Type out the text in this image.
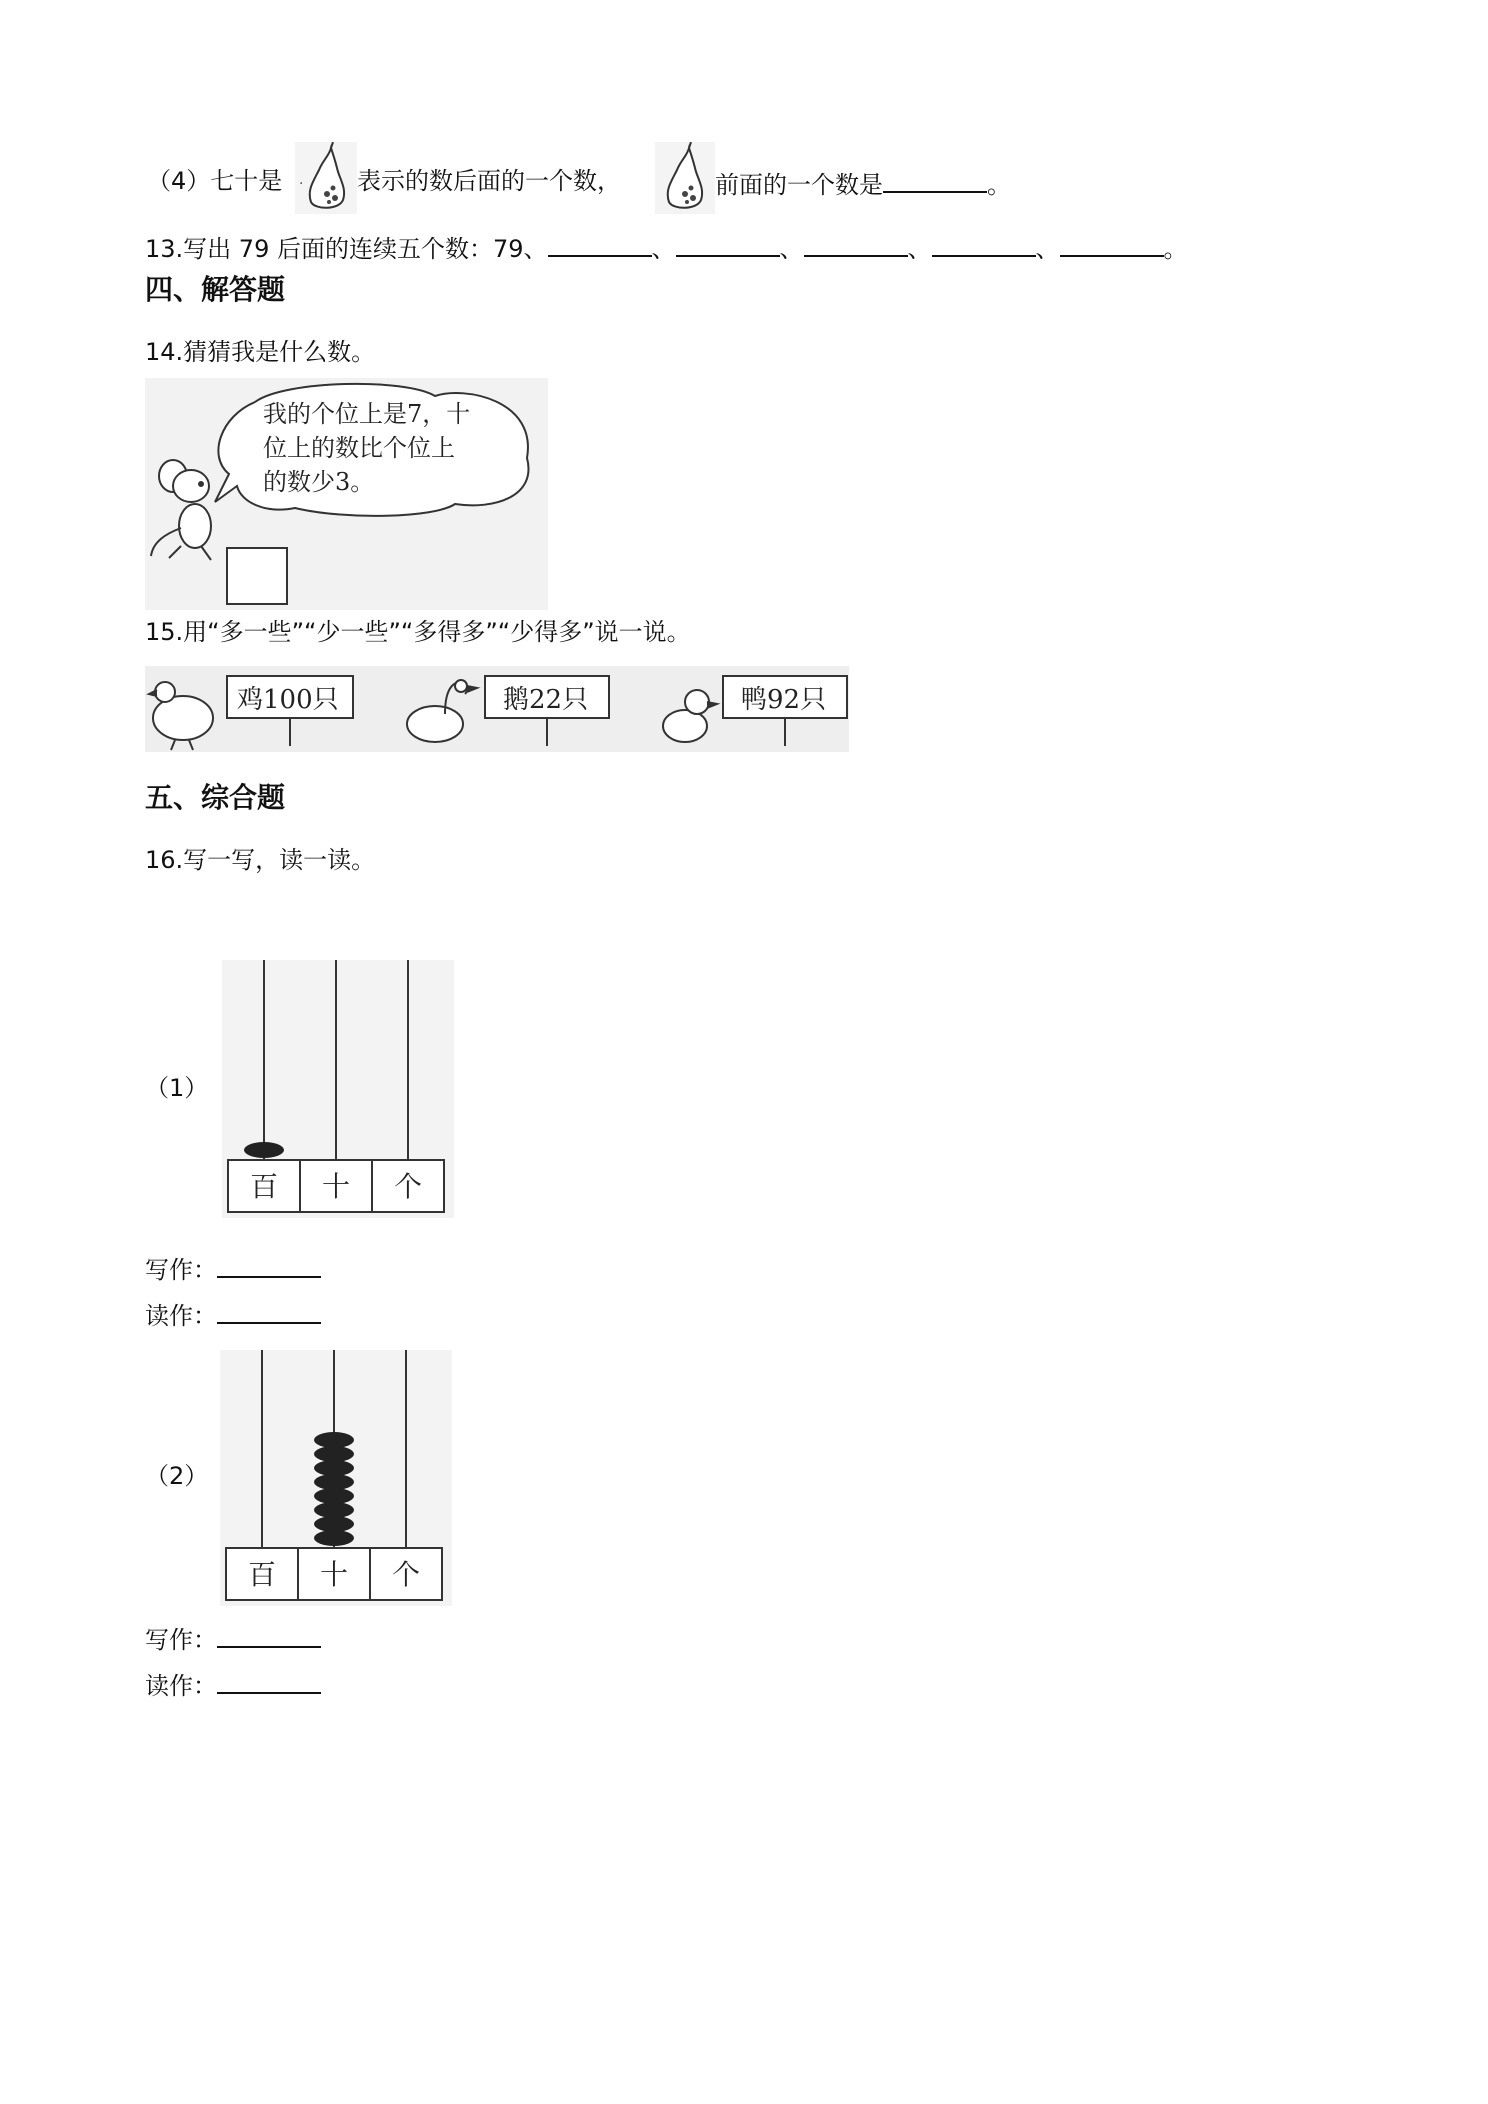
（4）七十是 . 表示的数后面的一个数，	前面的一个数是	。
13.写出 79 后面的连续五个数：79、	、	、	、	、	。
四、解答题
14.猜猜我是什么数。
我的个位上是7，十
位上的数比个位上
的数少3。
15.用“多一些”“少一些”“多得多”“少得多”说一说。
鸡100只	鹅22只	鸭92只
五、综合题
16.写一写，读一读。
（1）
百 十 个
写作：
读作：
（2）
百 十 个
写作：
读作：
